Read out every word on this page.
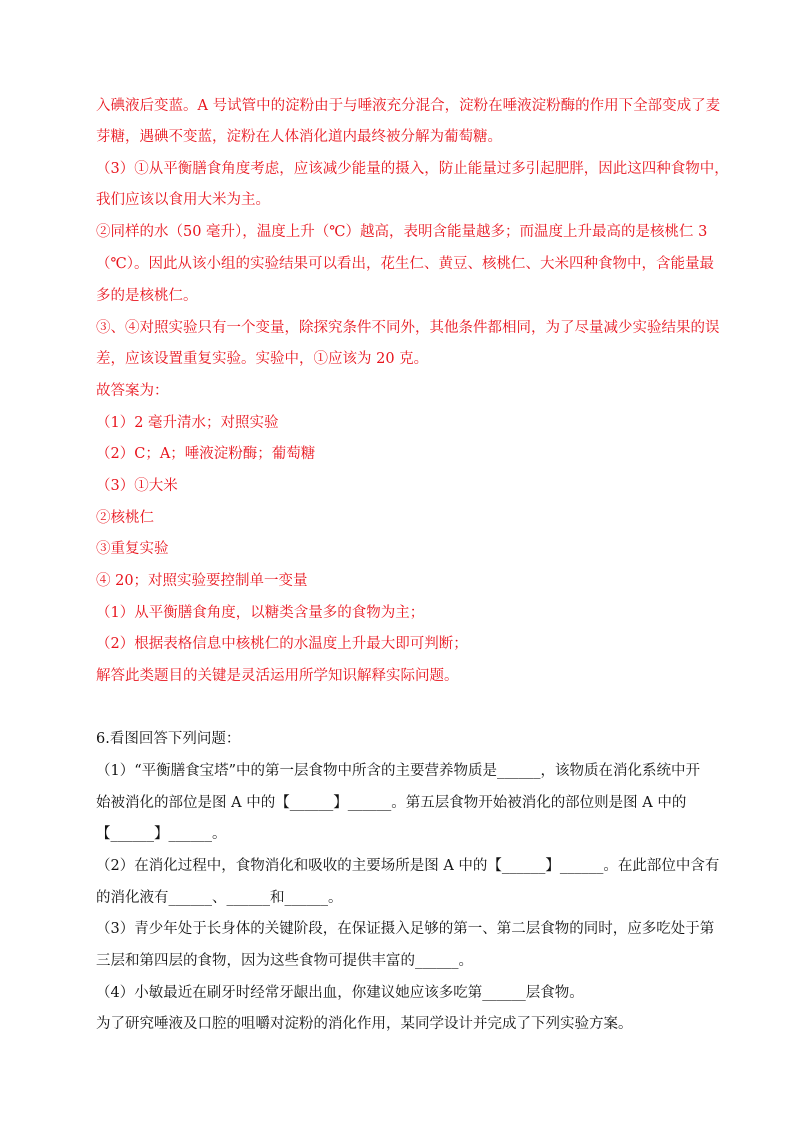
入碘液后变蓝。A 号试管中的淀粉由于与唾液充分混合，淀粉在唾液淀粉酶的作用下全部变成了麦
芽糖，遇碘不变蓝，淀粉在人体消化道内最终被分解为葡萄糖。
（3）①从平衡膳食角度考虑，应该减少能量的摄入，防止能量过多引起肥胖，因此这四种食物中，
我们应该以食用大米为主。
②同样的水（50 毫升），温度上升（℃）越高，表明含能量越多；而温度上升最高的是核桃仁 3
（℃）。因此从该小组的实验结果可以看出，花生仁、黄豆、核桃仁、大米四种食物中，含能量最
多的是核桃仁。
③、④对照实验只有一个变量，除探究条件不同外，其他条件都相同，为了尽量减少实验结果的误
差，应该设置重复实验。实验中，①应该为 20 克。
故答案为：
（1）2 毫升清水；对照实验
（2）C；A；唾液淀粉酶；葡萄糖
（3）①大米
②核桃仁
③重复实验
④ 20；对照实验要控制单一变量
（1）从平衡膳食角度，以糖类含量多的食物为主；
（2）根据表格信息中核桃仁的水温度上升最大即可判断；
解答此类题目的关键是灵活运用所学知识解释实际问题。
6.看图回答下列问题：
（1）“平衡膳食宝塔”中的第一层食物中所含的主要营养物质是______，该物质在消化系统中开
始被消化的部位是图 A 中的【______】______。第五层食物开始被消化的部位则是图 A 中的
【______】______。
（2）在消化过程中，食物消化和吸收的主要场所是图 A 中的【______】______。在此部位中含有
的消化液有______、______和______。
（3）青少年处于长身体的关键阶段，在保证摄入足够的第一、第二层食物的同时，应多吃处于第
三层和第四层的食物，因为这些食物可提供丰富的______。
（4）小敏最近在刷牙时经常牙龈出血，你建议她应该多吃第______层食物。
为了研究唾液及口腔的咀嚼对淀粉的消化作用，某同学设计并完成了下列实验方案。
